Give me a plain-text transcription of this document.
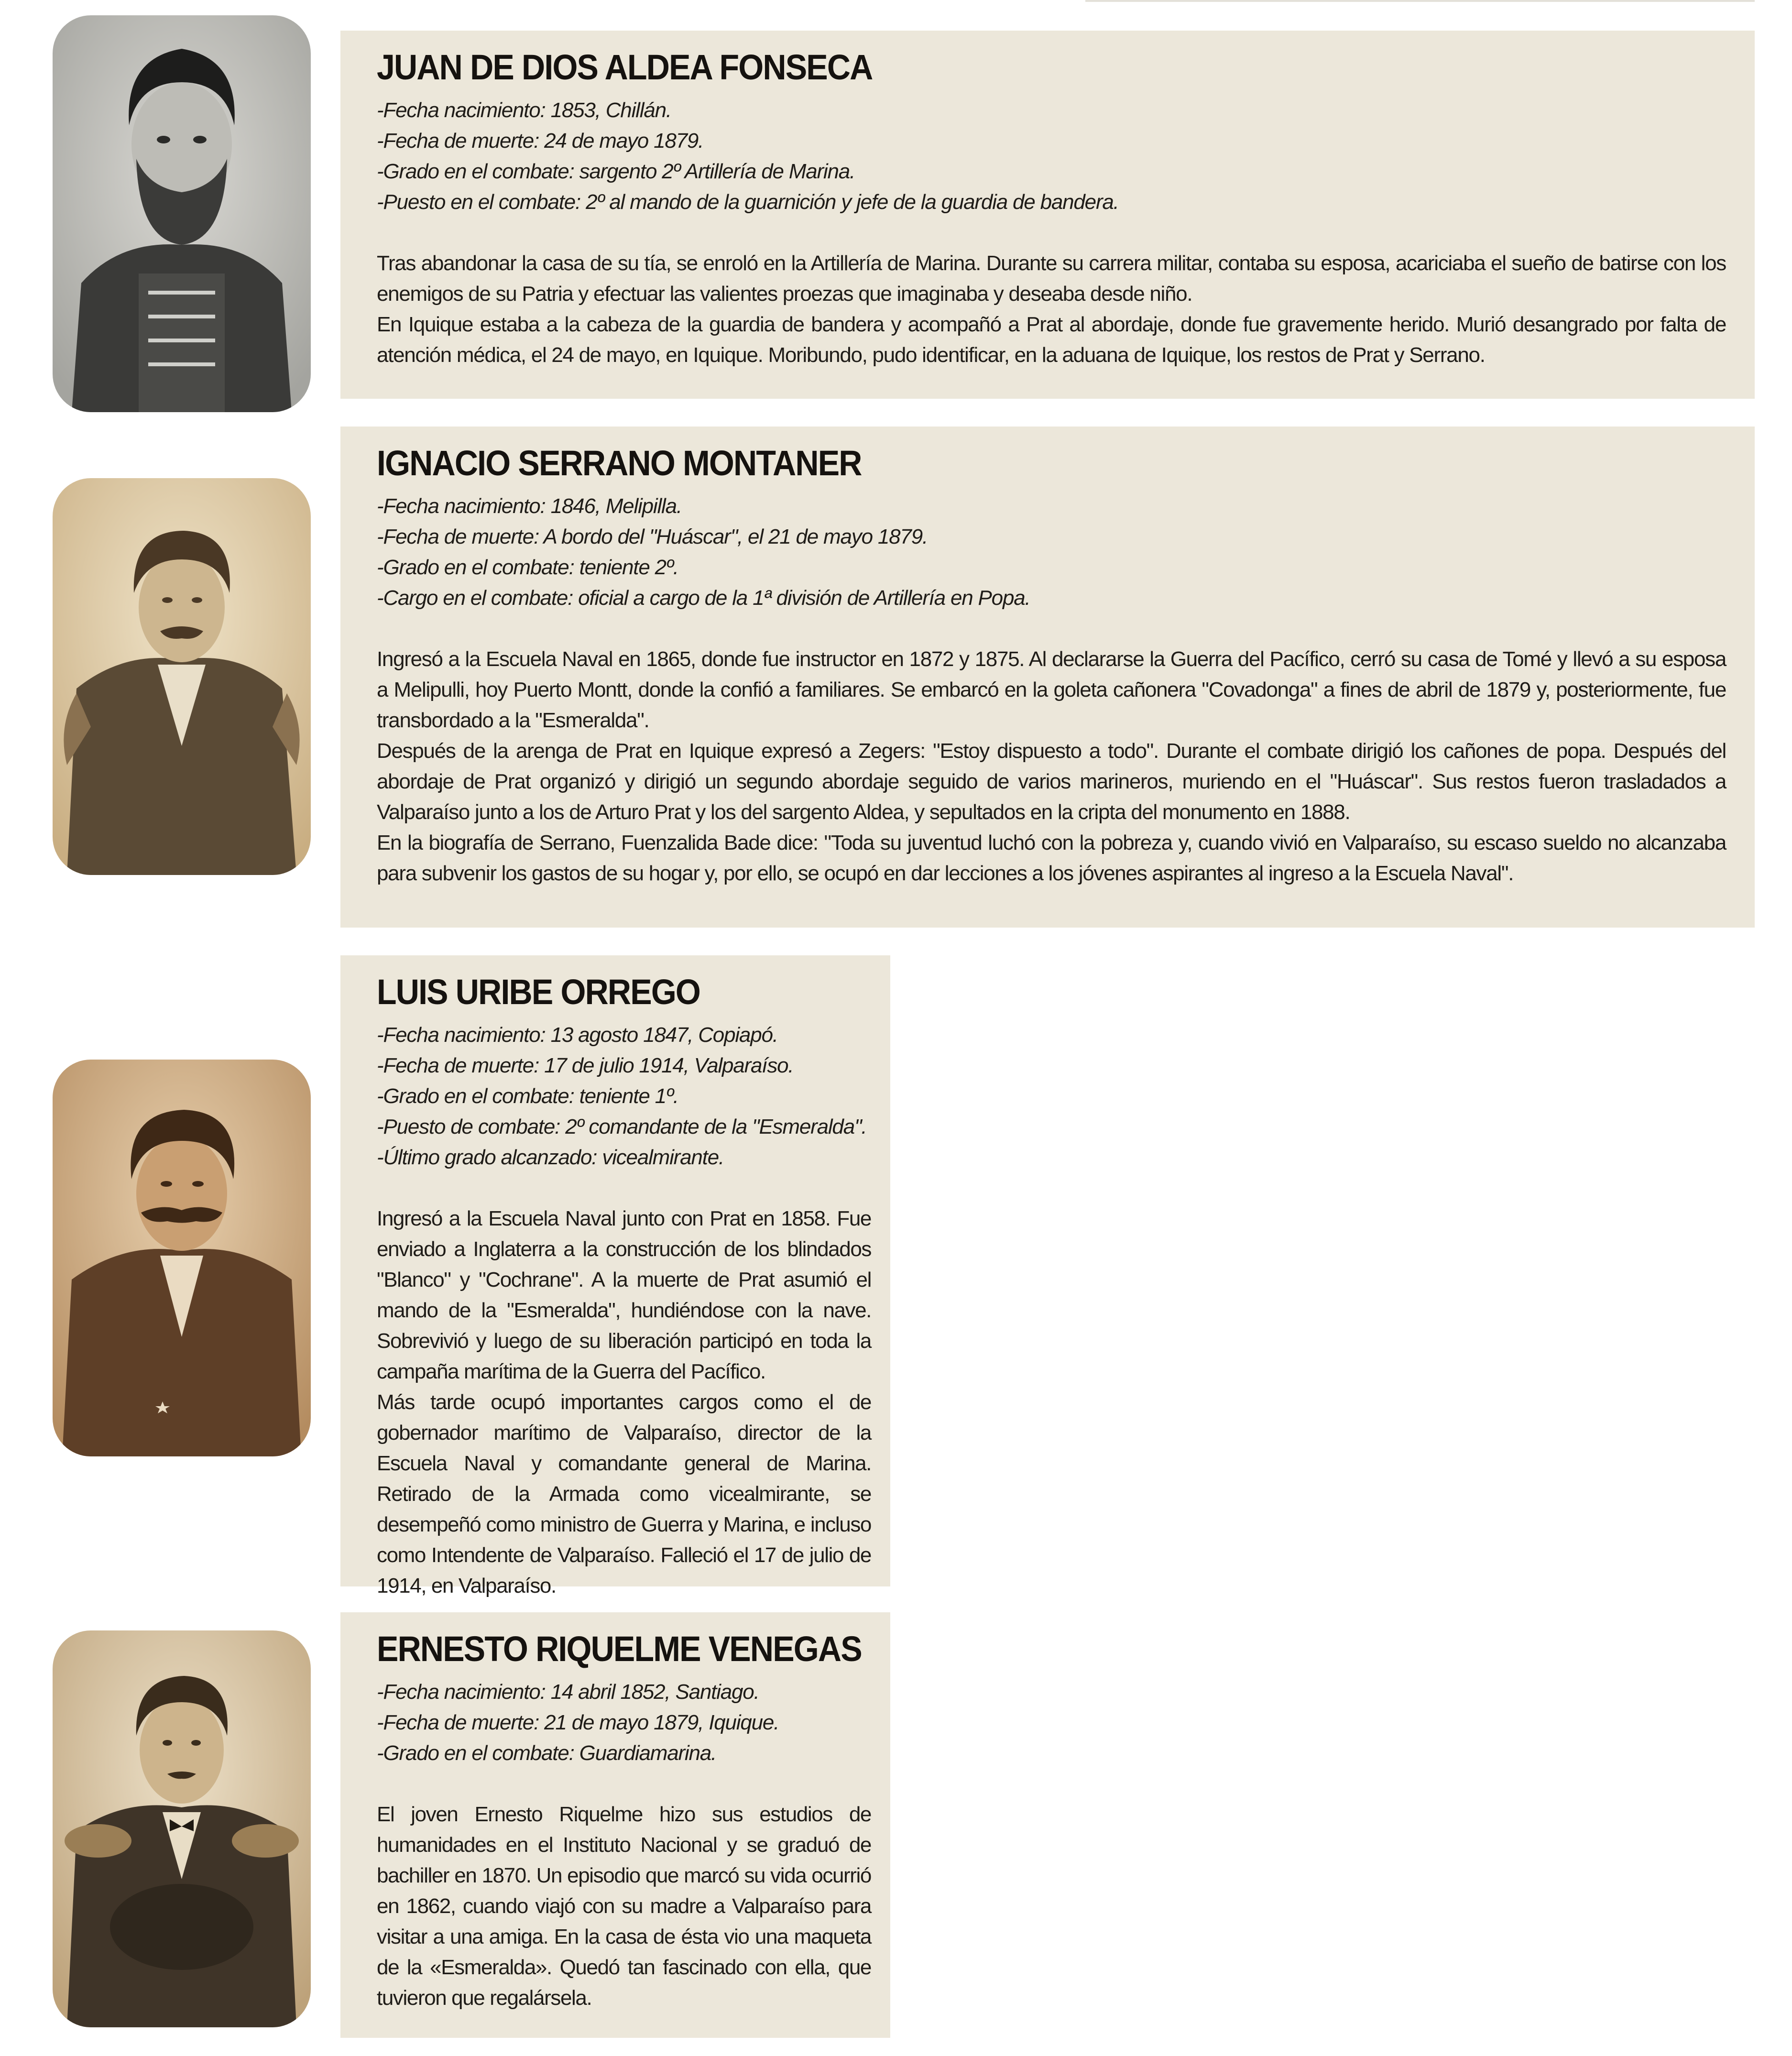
JUAN DE DIOS ALDEA FONSECA
-Fecha nacimiento: 1853, Chillán.
-Fecha de muerte: 24 de mayo 1879.
-Grado en el combate: sargento 2º Artillería de Marina.
-Puesto en el combate: 2º al mando de la guarnición y jefe de la guardia de bandera.

Tras abandonar la casa de su tía, se enroló en la Artillería de Marina. Durante su carrera militar, contaba su esposa, acariciaba el sueño de batirse con los enemigos de su Patria y efectuar las valientes proezas que imaginaba y deseaba desde niño.

En Iquique estaba a la cabeza de la guardia de bandera y acompañó a Prat al abordaje, donde fue gravemente herido. Murió desangrado por falta de atención médica, el 24 de mayo, en Iquique. Moribundo, pudo identificar, en la aduana de Iquique, los restos de Prat y Serrano.

IGNACIO SERRANO MONTANER
-Fecha nacimiento: 1846, Melipilla.
-Fecha de muerte: A bordo del "Huáscar", el 21 de mayo 1879.
-Grado en el combate: teniente 2º.
-Cargo en el combate: oficial a cargo de la 1ª división de Artillería en Popa.

Ingresó a la Escuela Naval en 1865, donde fue instructor en 1872 y 1875. Al declararse la Guerra del Pacífico, cerró su casa de Tomé y llevó a su esposa a Melipulli, hoy Puerto Montt, donde la confió a familiares. Se embarcó en la goleta cañonera "Covadonga" a fines de abril de 1879 y, posteriormente, fue transbordado a la "Esmeralda".

Después de la arenga de Prat en Iquique expresó a Zegers: "Estoy dispuesto a todo". Durante el combate dirigió los cañones de popa. Después del abordaje de Prat organizó y dirigió un segundo abordaje seguido de varios marineros, muriendo en el "Huáscar". Sus restos fueron trasladados a Valparaíso junto a los de Arturo Prat y los del sargento Aldea, y sepultados en la cripta del monumento en 1888.

En la biografía de Serrano, Fuenzalida Bade dice: "Toda su juventud luchó con la pobreza y, cuando vivió en Valparaíso, su escaso sueldo no alcanzaba para subvenir los gastos de su hogar y, por ello, se ocupó en dar lecciones a los jóvenes aspirantes al ingreso a la Escuela Naval".

LUIS URIBE ORREGO
-Fecha nacimiento: 13 agosto 1847, Copiapó.
-Fecha de muerte: 17 de julio 1914, Valparaíso.
-Grado en el combate: teniente 1º.
-Puesto de combate: 2º comandante de la "Esmeralda".
-Último grado alcanzado: vicealmirante.

Ingresó a la Escuela Naval junto con Prat en 1858. Fue enviado a Inglaterra a la construcción de los blindados "Blanco" y "Cochrane". A la muerte de Prat asumió el mando de la "Esmeralda", hundiéndose con la nave. Sobrevivió y luego de su liberación participó en toda la campaña marítima de la Guerra del Pacífico.

Más tarde ocupó importantes cargos como el de gobernador marítimo de Valparaíso, director de la Escuela Naval y comandante general de Marina. Retirado de la Armada como vicealmirante, se desempeñó como ministro de Guerra y Marina, e incluso como Intendente de Valparaíso. Falleció el 17 de julio de 1914, en Valparaíso.

ERNESTO RIQUELME VENEGAS
-Fecha nacimiento: 14 abril 1852, Santiago.
-Fecha de muerte: 21 de mayo 1879, Iquique.
-Grado en el combate: Guardiamarina.

El joven Ernesto Riquelme hizo sus estudios de humanidades en el Instituto Nacional y se graduó de bachiller en 1870. Un episodio que marcó su vida ocurrió en 1862, cuando viajó con su madre a Valparaíso para visitar a una amiga. En la casa de ésta vio una maqueta de la «Esmeralda». Quedó tan fascinado con ella, que tuvieron que regalársela.
